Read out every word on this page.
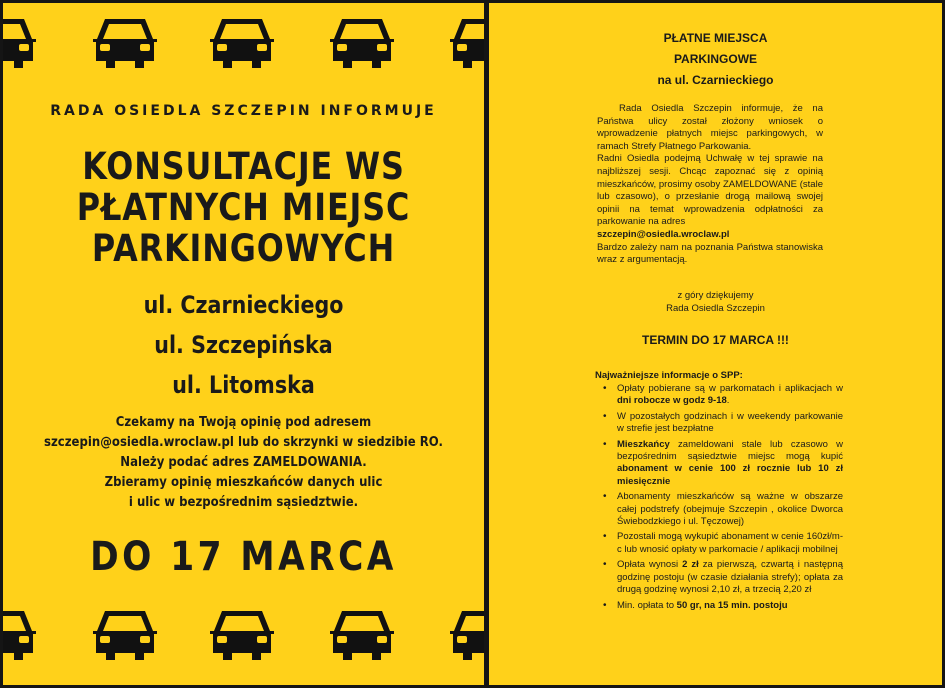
RADA OSIEDLA SZCZEPIN INFORMUJE
KONSULTACJE WS
PŁATNYCH MIEJSC
PARKINGOWYCH
ul. Czarnieckiego
ul. Szczepińska
ul. Litomska
Czekamy na Twoją opinię pod adresem
szczepin@osiedla.wroclaw.pl lub do skrzynki w siedzibie RO.
Należy podać adres ZAMELDOWANIA.
Zbieramy opinię mieszkańców danych ulic
i ulic w bezpośrednim sąsiedztwie.
DO 17 MARCA
PŁATNE MIEJSCA
PARKINGOWE
na ul. Czarnieckiego

Rada Osiedla Szczepin informuje, że na Państwa ulicy został złożony wniosek o wprowadzenie płatnych miejsc parkingowych, w ramach Strefy Płatnego Parkowania.

Radni Osiedla podejmą Uchwałę w tej sprawie na najbliższej sesji. Chcąc zapoznać się z opinią mieszkańców, prosimy osoby ZAMELDOWANE (stale lub czasowo), o przesłanie drogą mailową swojej opinii na temat wprowadzenia odpłatności za parkowanie na adres

szczepin@osiedla.wroclaw.pl

Bardzo zależy nam na poznania Państwa stanowiska wraz z argumentacją.

z góry dziękujemy
Rada Osiedla Szczepin
TERMIN DO 17 MARCA !!!
Najważniejsze informacje o SPP:
• Opłaty pobierane są w parkomatach i aplikacjach w dni robocze w godz 9-18.
• W pozostałych godzinach i w weekendy parkowanie w strefie jest bezpłatne
• Mieszkańcy zameldowani stale lub czasowo w bezpośrednim sąsiedztwie miejsc mogą kupić abonament w cenie 100 zł rocznie lub 10 zł miesięcznie
• Abonamenty mieszkańców są ważne w obszarze całej podstrefy (obejmuje Szczepin , okolice Dworca Świebodzkiego i ul. Tęczowej)
• Pozostali mogą wykupić abonament w cenie 160zł/m-c lub wnosić opłaty w parkomacie / aplikacji mobilnej
• Opłata wynosi 2 zł za pierwszą, czwartą i następną godzinę postoju (w czasie działania strefy); opłata za drugą godzinę wynosi 2,10 zł, a trzecią 2,20 zł
• Min. opłata to 50 gr, na 15 min. postoju
